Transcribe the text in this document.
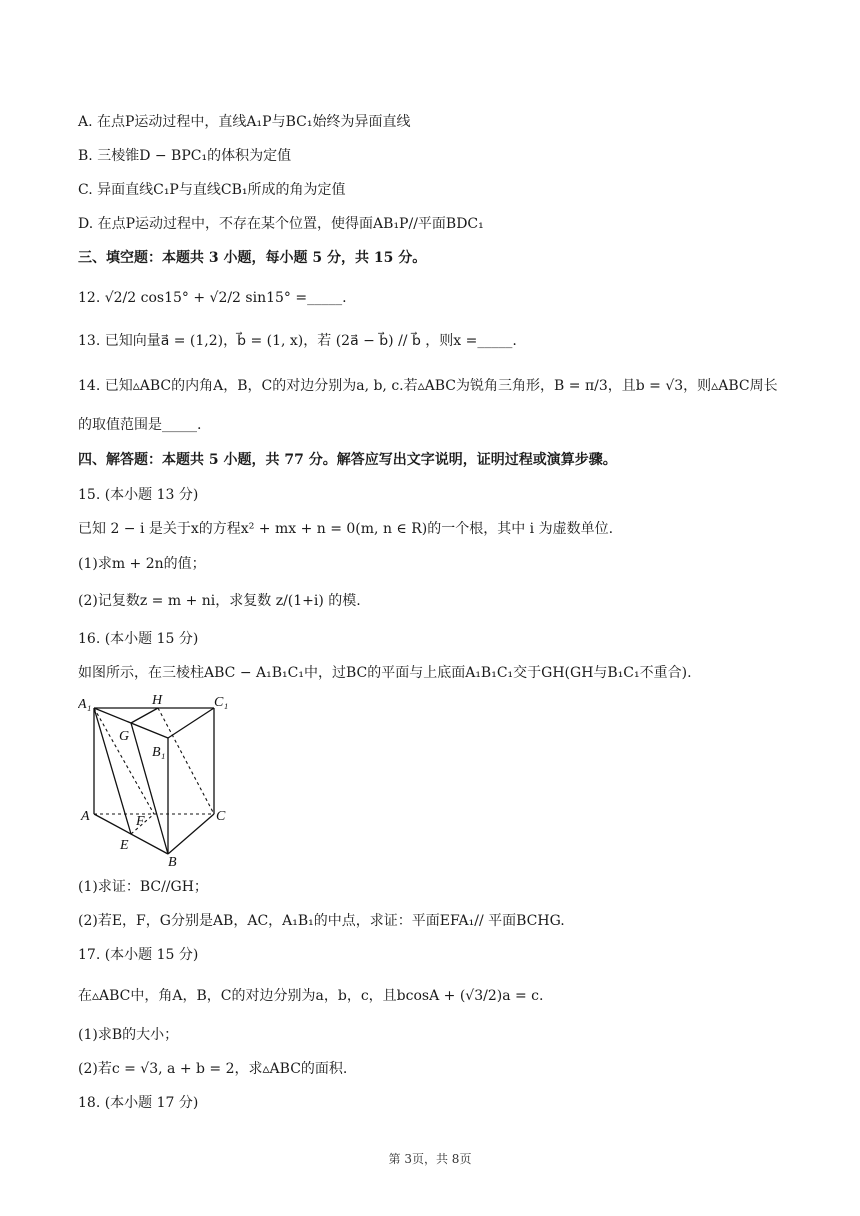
A. 在点P运动过程中，直线A₁P与BC₁始终为异面直线
B. 三棱锥D − BPC₁的体积为定值
C. 异面直线C₁P与直线CB₁所成的角为定值
D. 在点P运动过程中，不存在某个位置，使得面AB₁P//平面BDC₁
三、填空题：本题共 3 小题，每小题 5 分，共 15 分。
12. √2/2 cos15° + √2/2 sin15° =_____.
13. 已知向量a⃗ = (1,2)，b⃗ = (1, x)，若 (2a⃗ − b⃗) // b⃗ ，则x =_____.
14. 已知▵ABC的内角A，B，C的对边分别为a, b, c.若▵ABC为锐角三角形，B = π/3，且b = √3，则▵ABC周长
的取值范围是_____.
四、解答题：本题共 5 小题，共 77 分。解答应写出文字说明，证明过程或演算步骤。
15. (本小题 13 分)
已知 2 − i 是关于x的方程x² + mx + n = 0(m, n ∈ R)的一个根，其中 i 为虚数单位.
(1)求m + 2n的值；
(2)记复数z = m + ni，求复数 z/(1+i) 的模.
16. (本小题 15 分)
如图所示，在三棱柱ABC − A₁B₁C₁中，过BC的平面与上底面A₁B₁C₁交于GH(GH与B₁C₁不重合).
A₁	H	C₁
G
B₁
A	F	C
E
B
(1)求证：BC//GH；
(2)若E，F，G分别是AB，AC，A₁B₁的中点，求证：平面EFA₁// 平面BCHG.
17. (本小题 15 分)
在▵ABC中，角A，B，C的对边分别为a，b，c，且bcosA + (√3/2)a = c.
(1)求B的大小；
(2)若c = √3, a + b = 2，求▵ABC的面积.
18. (本小题 17 分)
第 3页，共 8页
